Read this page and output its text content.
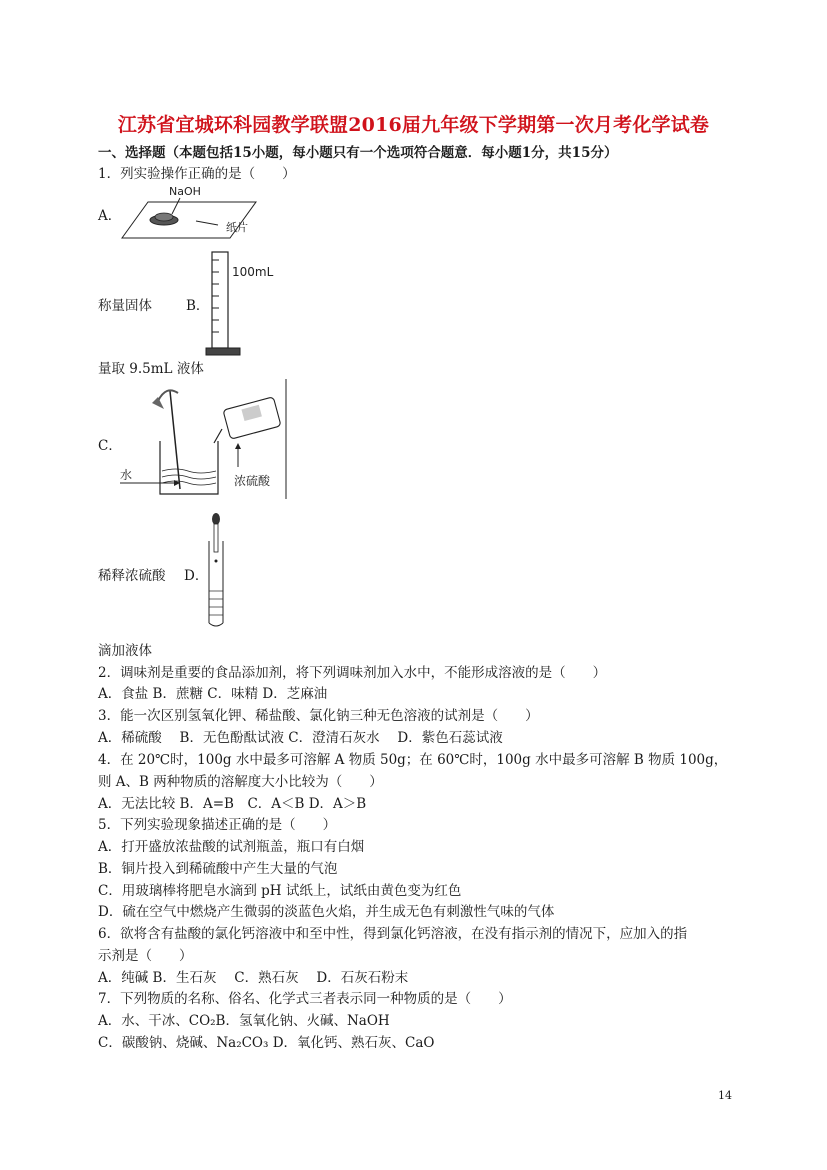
江苏省宜城环科园教学联盟2016届九年级下学期第一次月考化学试卷
一、选择题（本题包括15小题，每小题只有一个选项符合题意．每小题1分，共15分）
1．列实验操作正确的是（　　）
A．
NaOH
纸片
称量固体	B．
100mL
量取 9.5mL 液体
C．
水	浓硫酸
稀释浓硫酸 D．
滴加液体
2．调味剂是重要的食品添加剂，将下列调味剂加入水中，不能形成溶液的是（　　）
A．食盐 B．蔗糖 C．味精 D．芝麻油
3．能一次区别氢氧化钾、稀盐酸、氯化钠三种无色溶液的试剂是（　　）
A．稀硫酸　 B．无色酚酞试液 C．澄清石灰水　 D．紫色石蕊试液
4．在 20℃时，100g 水中最多可溶解 A 物质 50g；在 60℃时，100g 水中最多可溶解 B 物质 100g，
则 A、B 两种物质的溶解度大小比较为（　　）
A．无法比较 B．A=B　C．A＜B D．A＞B
5．下列实验现象描述正确的是（　　）
A．打开盛放浓盐酸的试剂瓶盖，瓶口有白烟
B．铜片投入到稀硫酸中产生大量的气泡
C．用玻璃棒将肥皂水滴到 pH 试纸上，试纸由黄色变为红色
D．硫在空气中燃烧产生微弱的淡蓝色火焰，并生成无色有刺激性气味的气体
6．欲将含有盐酸的氯化钙溶液中和至中性，得到氯化钙溶液，在没有指示剂的情况下，应加入的指
示剂是（　　）
A．纯碱 B．生石灰　 C．熟石灰　 D．石灰石粉末
7．下列物质的名称、俗名、化学式三者表示同一种物质的是（　　）
A．水、干冰、CO₂B．氢氧化钠、火碱、NaOH
C．碳酸钠、烧碱、Na₂CO₃ D．氧化钙、熟石灰、CaO
14
